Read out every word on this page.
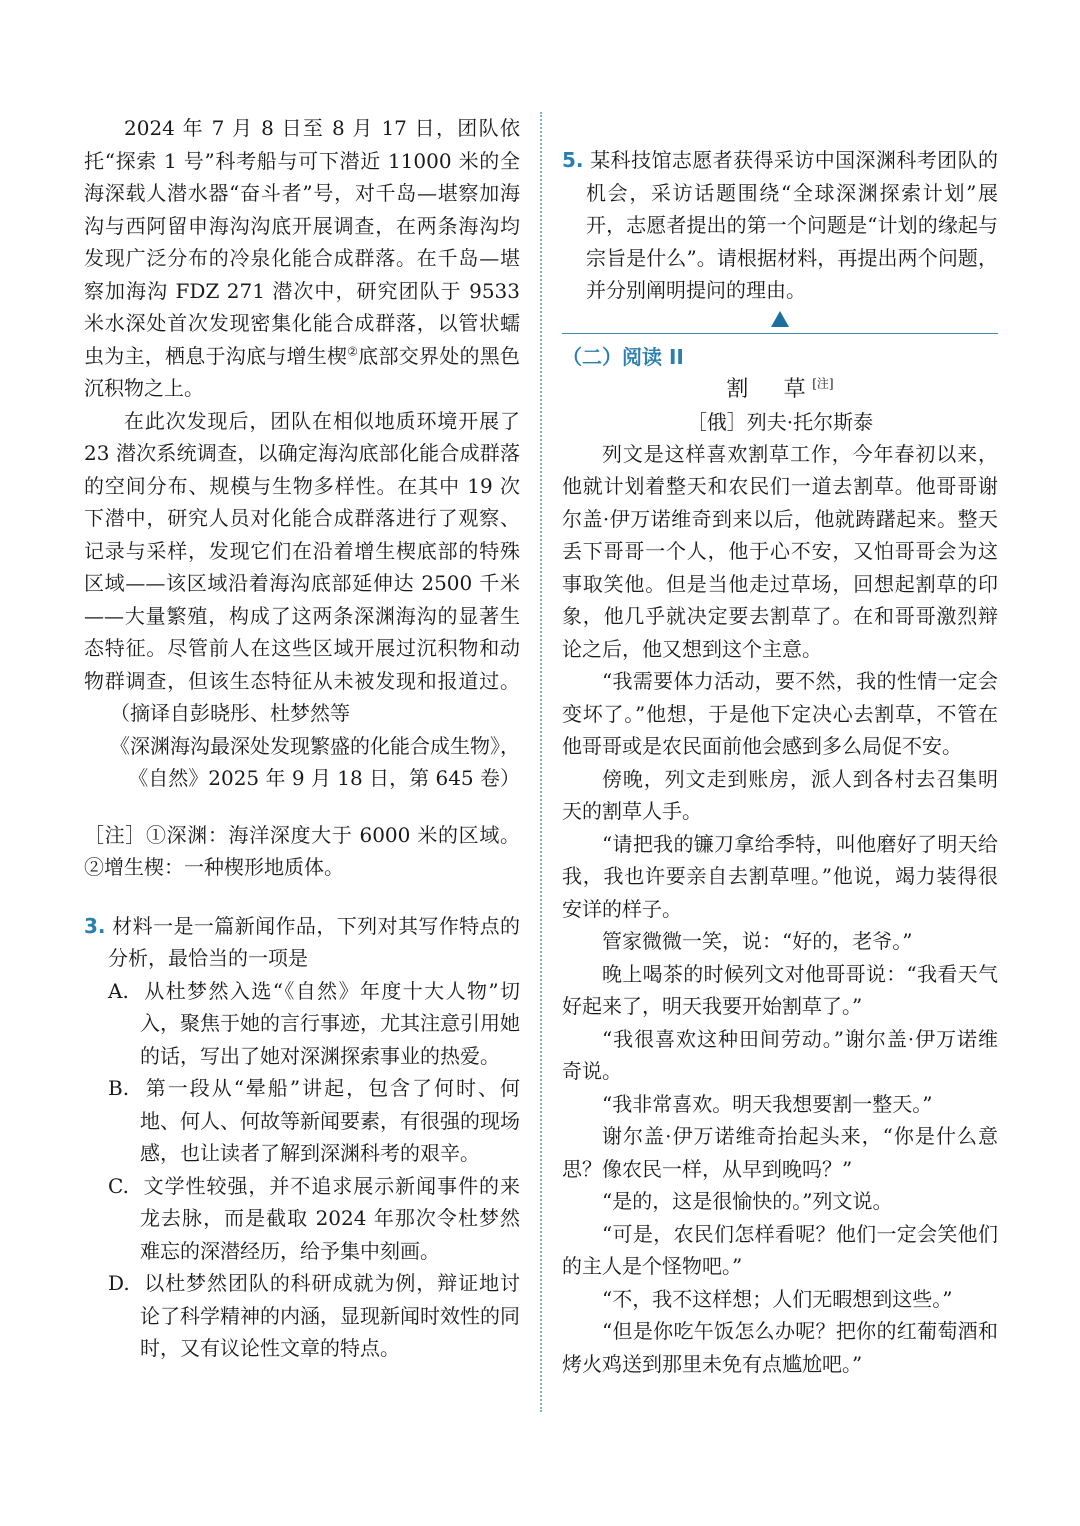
2024 年 7 月 8 日至 8 月 17 日，团队依托“探索 1 号”科考船与可下潜近 11000 米的全海深载人潜水器“奋斗者”号，对千岛—堪察加海沟与西阿留申海沟沟底开展调查，在两条海沟均发现广泛分布的冷泉化能合成群落。在千岛—堪察加海沟 FDZ 271 潜次中，研究团队于 9533 米水深处首次发现密集化能合成群落，以管状蠕虫为主，栖息于沟底与增生楔②底部交界处的黑色沉积物之上。

在此次发现后，团队在相似地质环境开展了 23 潜次系统调查，以确定海沟底部化能合成群落的空间分布、规模与生物多样性。在其中 19 次下潜中，研究人员对化能合成群落进行了观察、记录与采样，发现它们在沿着增生楔底部的特殊区域——该区域沿着海沟底部延伸达 2500 千米——大量繁殖，构成了这两条深渊海沟的显著生态特征。尽管前人在这些区域开展过沉积物和动物群调查，但该生态特征从未被发现和报道过。（摘译自彭晓彤、杜梦然等

《深渊海沟最深处发现繁盛的化能合成生物》，《自然》2025 年 9 月 18 日，第 645 卷）

［注］①深渊：海洋深度大于 6000 米的区域。②增生楔：一种楔形地质体。
3. 材料一是一篇新闻作品，下列对其写作特点的分析，最恰当的一项是
A. 从杜梦然入选“《自然》年度十大人物”切入，聚焦于她的言行事迹，尤其注意引用她的话，写出了她对深渊探索事业的热爱。
B. 第一段从“晕船”讲起，包含了何时、何地、何人、何故等新闻要素，有很强的现场感，也让读者了解到深渊科考的艰辛。
C. 文学性较强，并不追求展示新闻事件的来龙去脉，而是截取 2024 年那次令杜梦然难忘的深潜经历，给予集中刻画。
D. 以杜梦然团队的科研成就为例，辩证地讨论了科学精神的内涵，显现新闻时效性的同时，又有议论性文章的特点。
5. 某科技馆志愿者获得采访中国深渊科考团队的机会，采访话题围绕“全球深渊探索计划”展开，志愿者提出的第一个问题是“计划的缘起与宗旨是什么”。请根据材料，再提出两个问题，并分别阐明提问的理由。
（二）阅读 II
割　草[注]
［俄］列夫·托尔斯泰

列文是这样喜欢割草工作，今年春初以来，他就计划着整天和农民们一道去割草。他哥哥谢尔盖·伊万诺维奇到来以后，他就踌躇起来。整天丢下哥哥一个人，他于心不安，又怕哥哥会为这事取笑他。但是当他走过草场，回想起割草的印象，他几乎就决定要去割草了。在和哥哥激烈辩论之后，他又想到这个主意。

“我需要体力活动，要不然，我的性情一定会变坏了。”他想，于是他下定决心去割草，不管在他哥哥或是农民面前他会感到多么局促不安。

傍晚，列文走到账房，派人到各村去召集明天的割草人手。

“请把我的镰刀拿给季特，叫他磨好了明天给我，我也许要亲自去割草哩。”他说，竭力装得很安详的样子。

管家微微一笑，说：“好的，老爷。”

晚上喝茶的时候列文对他哥哥说：“我看天气好起来了，明天我要开始割草了。”

“我很喜欢这种田间劳动。”谢尔盖·伊万诺维奇说。

“我非常喜欢。明天我想要割一整天。”

谢尔盖·伊万诺维奇抬起头来，“你是什么意思？像农民一样，从早到晚吗？”

“是的，这是很愉快的。”列文说。

“可是，农民们怎样看呢？他们一定会笑他们的主人是个怪物吧。”

“不，我不这样想；人们无暇想到这些。”

“但是你吃午饭怎么办呢？把你的红葡萄酒和烤火鸡送到那里未免有点尴尬吧。”
